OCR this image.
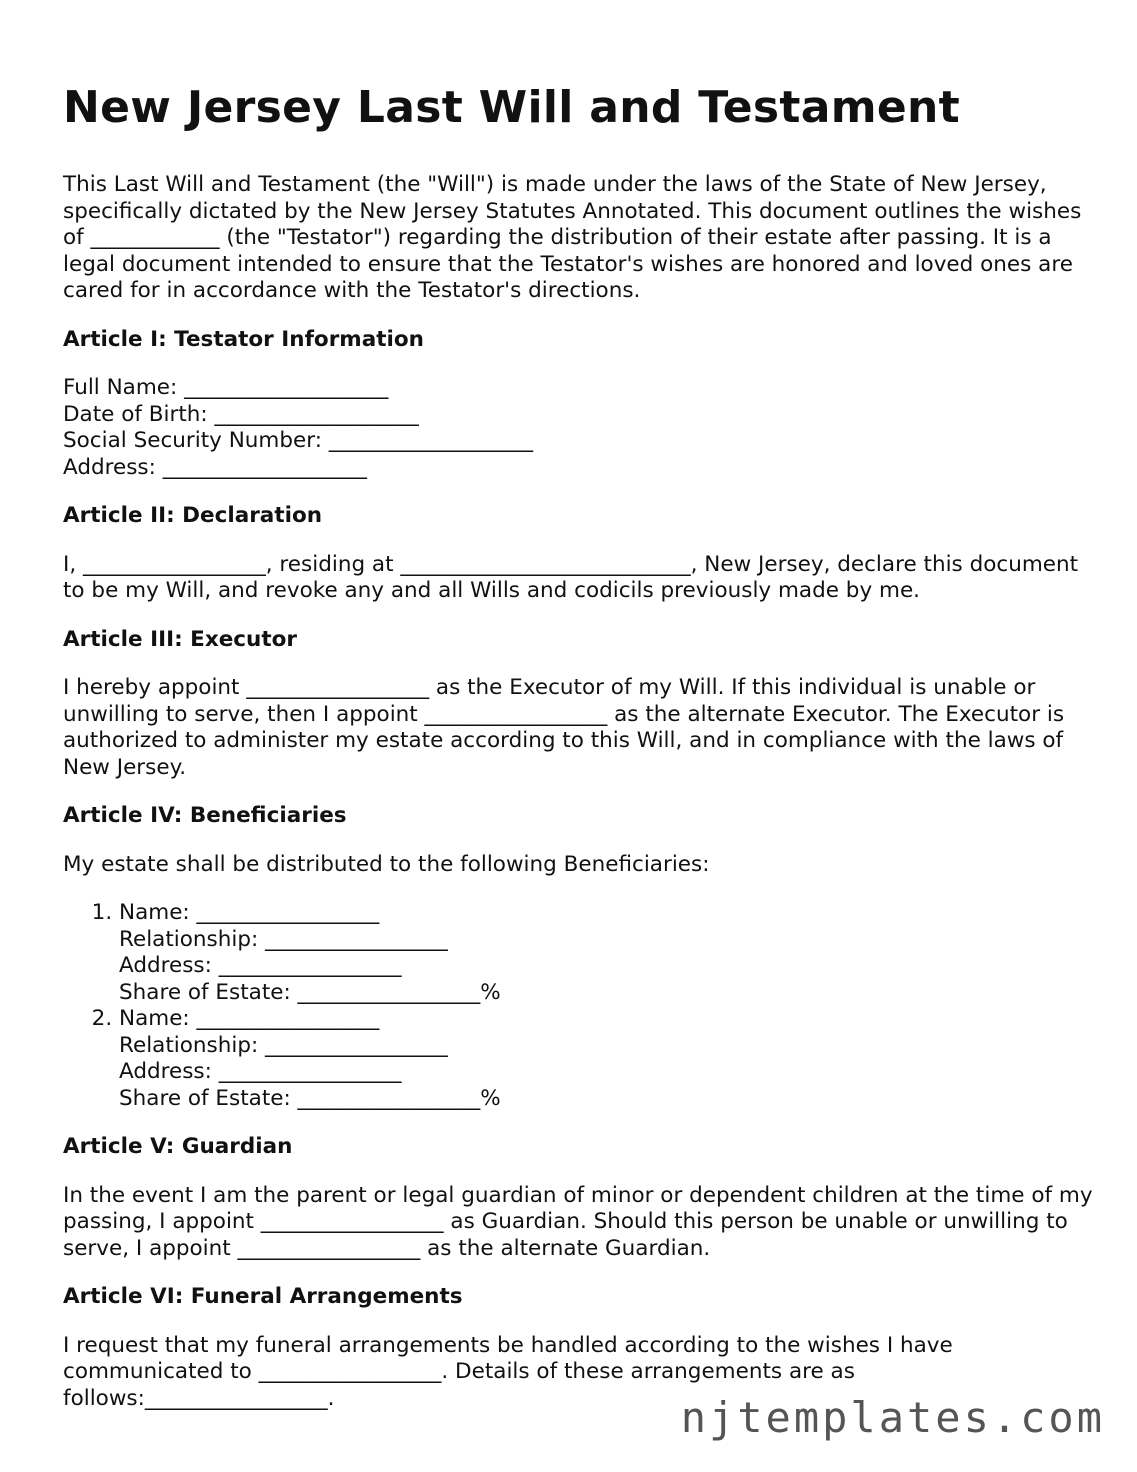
New Jersey Last Will and Testament

This Last Will and Testament (the "Will") is made under the laws of the State of New Jersey, specifically dictated by the New Jersey Statutes Annotated. This document outlines the wishes of ____________ (the "Testator") regarding the distribution of their estate after passing. It is a legal document intended to ensure that the Testator's wishes are honored and loved ones are cared for in accordance with the Testator's directions.

Article I: Testator Information
Full Name: ___________________
Date of Birth: ___________________
Social Security Number: ___________________
Address: ___________________
Article II: Declaration

I, _________________, residing at ___________________________, New Jersey, declare this document to be my Will, and revoke any and all Wills and codicils previously made by me.

Article III: Executor

I hereby appoint _________________ as the Executor of my Will. If this individual is unable or unwilling to serve, then I appoint _________________ as the alternate Executor. The Executor is authorized to administer my estate according to this Will, and in compliance with the laws of New Jersey.

Article IV: Beneficiaries

My estate shall be distributed to the following Beneficiaries:

1. Name: _________________
Relationship: _________________
Address: _________________
Share of Estate: _________________%
2. Name: _________________
Relationship: _________________
Address: _________________
Share of Estate: _________________%
Article V: Guardian

In the event I am the parent or legal guardian of minor or dependent children at the time of my passing, I appoint _________________ as Guardian. Should this person be unable or unwilling to serve, I appoint _________________ as the alternate Guardian.

Article VI: Funeral Arrangements

I request that my funeral arrangements be handled according to the wishes I have communicated to _________________. Details of these arrangements are as follows:_________________.	njtemplates.com
